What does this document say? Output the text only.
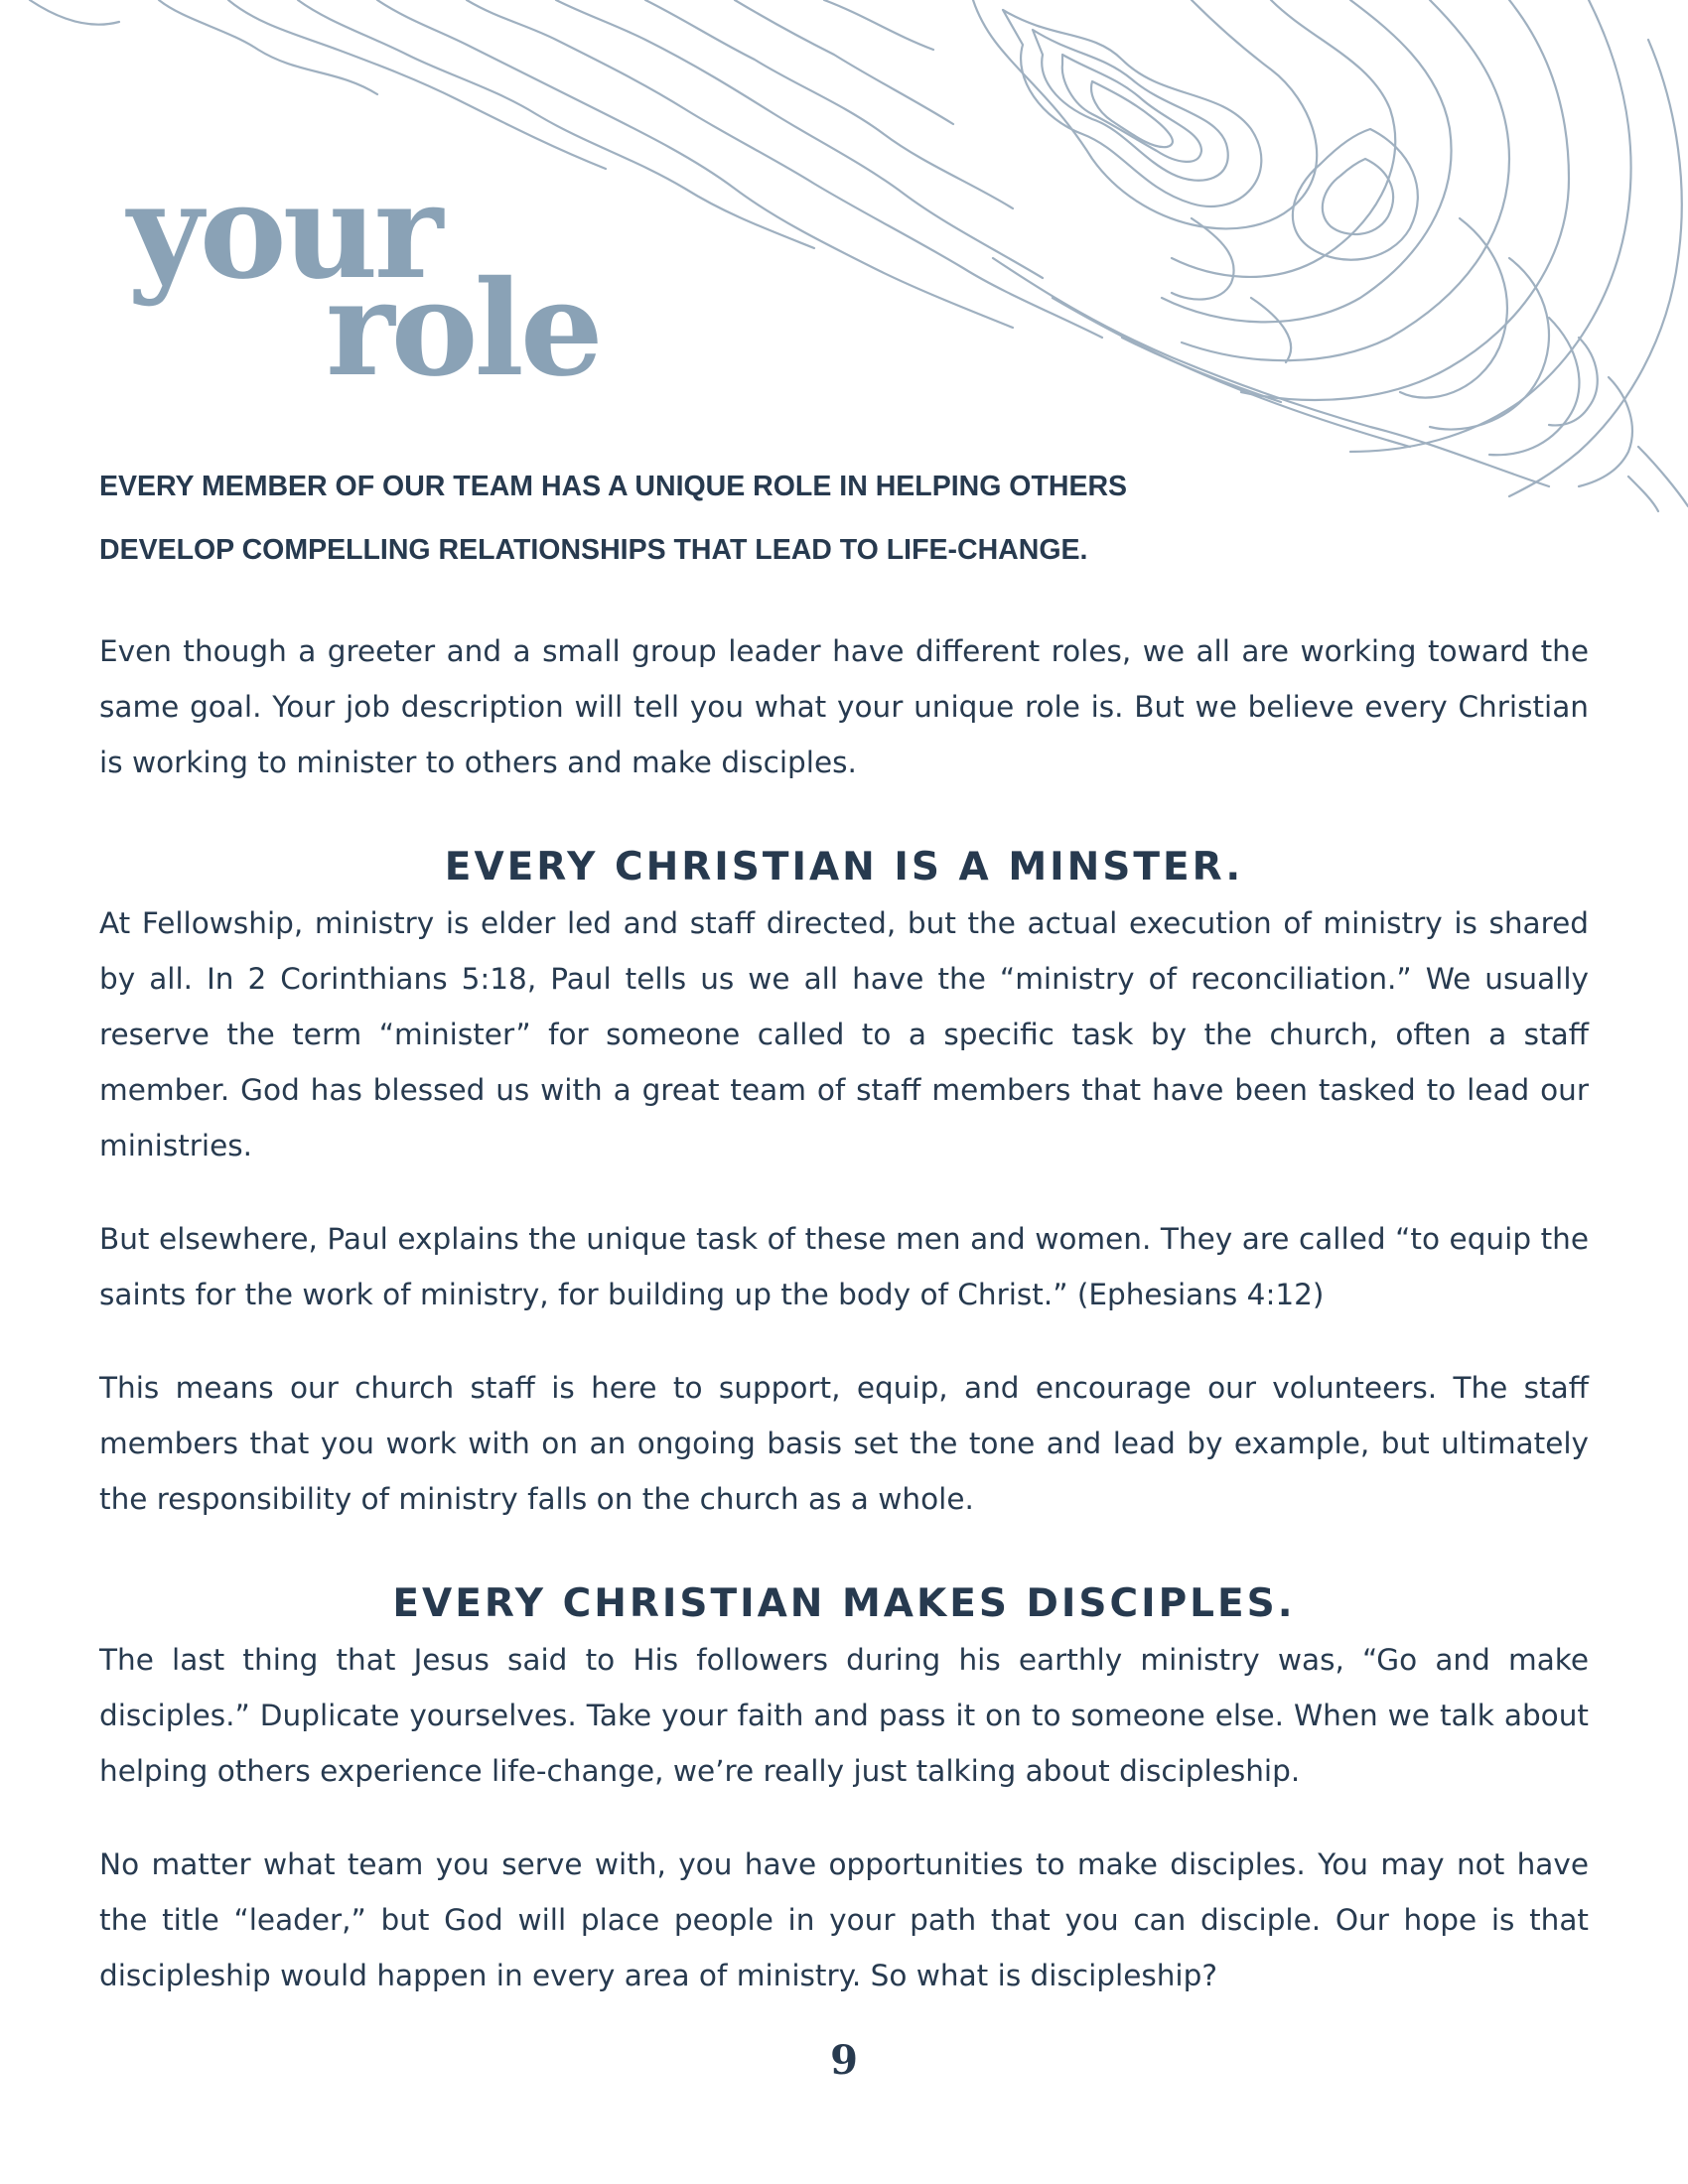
your
role
EVERY MEMBER OF OUR TEAM HAS A UNIQUE ROLE IN HELPING OTHERS
DEVELOP COMPELLING RELATIONSHIPS THAT LEAD TO LIFE-CHANGE.

Even though a greeter and a small group leader have different roles, we all are working toward the same goal. Your job description will tell you what your unique role is. But we believe every Christian is working to minister to others and make disciples.

EVERY CHRISTIAN IS A MINSTER.

At Fellowship, ministry is elder led and staff directed, but the actual execution of ministry is shared by all. In 2 Corinthians 5:18, Paul tells us we all have the “ministry of reconciliation.” We usually reserve the term “minister” for someone called to a specific task by the church, often a staff member. God has blessed us with a great team of staff members that have been tasked to lead our ministries.

But elsewhere, Paul explains the unique task of these men and women. They are called “to equip the saints for the work of ministry, for building up the body of Christ.” (Ephesians 4:12)

This means our church staff is here to support, equip, and encourage our volunteers. The staff members that you work with on an ongoing basis set the tone and lead by example, but ultimately the responsibility of ministry falls on the church as a whole.

EVERY CHRISTIAN MAKES DISCIPLES.

The last thing that Jesus said to His followers during his earthly ministry was, “Go and make disciples.” Duplicate yourselves. Take your faith and pass it on to someone else. When we talk about helping others experience life-change, we’re really just talking about discipleship.

No matter what team you serve with, you have opportunities to make disciples. You may not have the title “leader,” but God will place people in your path that you can disciple. Our hope is that discipleship would happen in every area of ministry. So what is discipleship?

9
